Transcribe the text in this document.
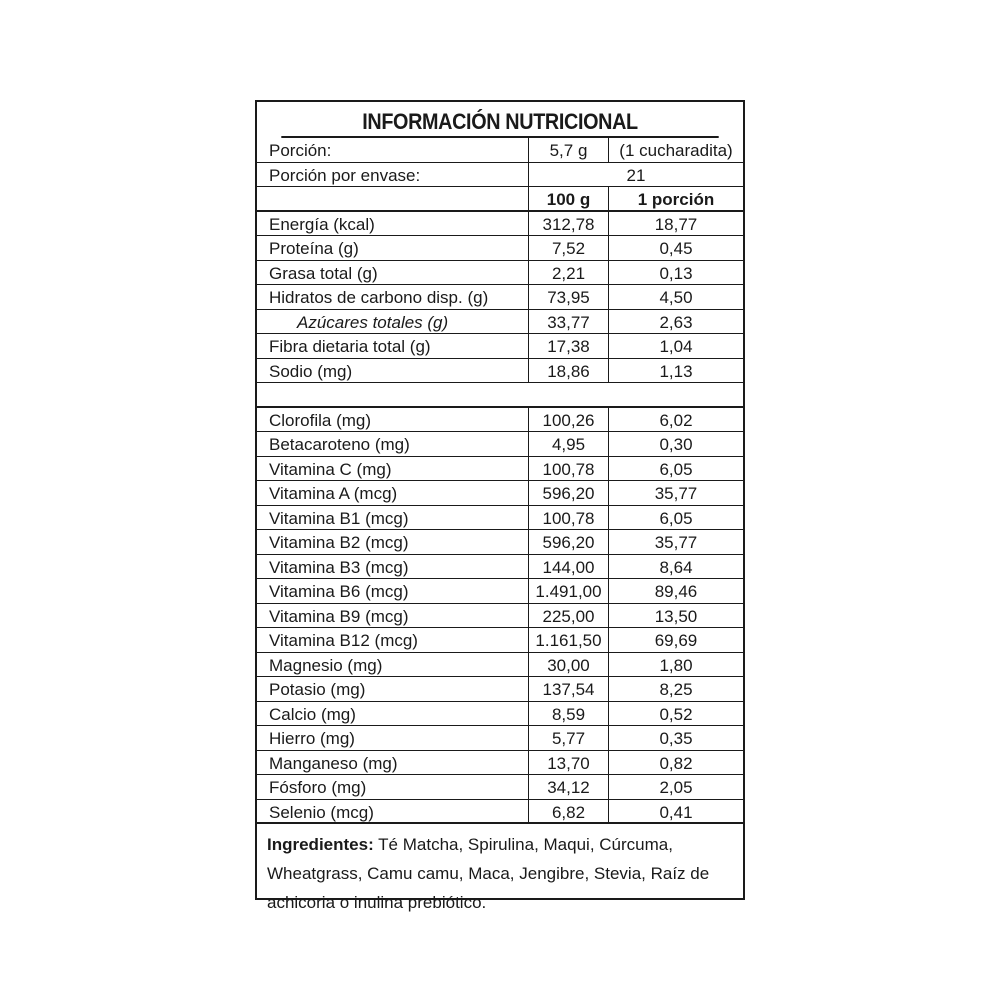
INFORMACIÓN NUTRICIONAL
Porción:	5,7 g	(1 cucharadita)
Porción por envase:	21
100 g	1 porción
Energía (kcal)	312,78	18,77
Proteína (g)	7,52	0,45
Grasa total (g)	2,21	0,13
Hidratos de carbono disp. (g)	73,95	4,50
Azúcares totales (g)	33,77	2,63
Fibra dietaria total (g)	17,38	1,04
Sodio (mg)	18,86	1,13
Clorofila (mg)	100,26	6,02
Betacaroteno (mg)	4,95	0,30
Vitamina C (mg)	100,78	6,05
Vitamina A (mcg)	596,20	35,77
Vitamina B1 (mcg)	100,78	6,05
Vitamina B2 (mcg)	596,20	35,77
Vitamina B3 (mcg)	144,00	8,64
Vitamina B6 (mcg)	1.491,00	89,46
Vitamina B9 (mcg)	225,00	13,50
Vitamina B12 (mcg)	1.161,50	69,69
Magnesio (mg)	30,00	1,80
Potasio (mg)	137,54	8,25
Calcio (mg)	8,59	0,52
Hierro (mg)	5,77	0,35
Manganeso (mg)	13,70	0,82
Fósforo (mg)	34,12	2,05
Selenio (mcg)	6,82	0,41
Ingredientes: Té Matcha, Spirulina, Maqui, Cúrcuma, Wheatgrass, Camu camu, Maca, Jengibre, Stevia, Raíz de achicoria o inulina prebiótico.
